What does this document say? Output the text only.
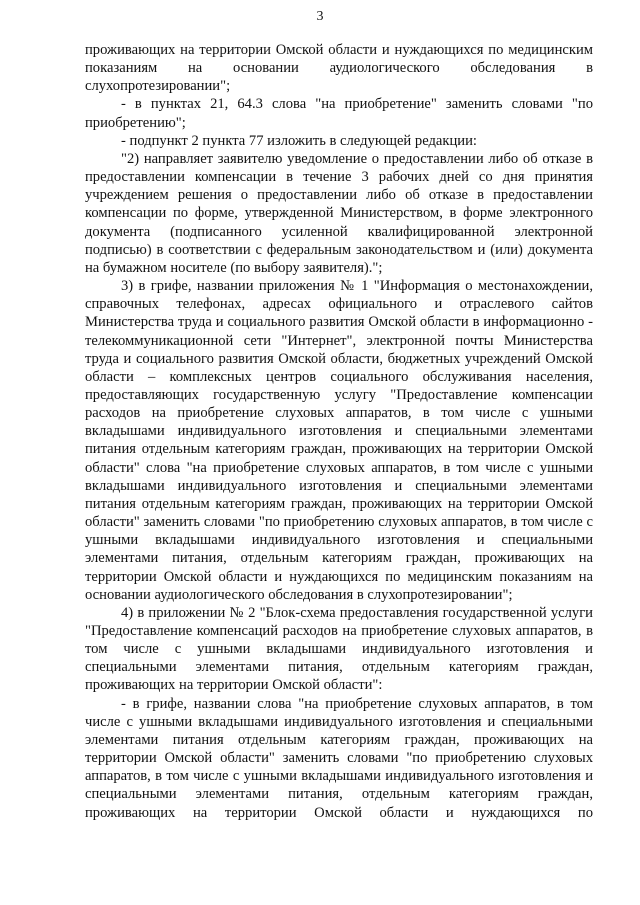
3

проживающих на территории Омской области и нуждающихся по медицинским показаниям на основании аудиологического обследования в слухопротезировании";

- в пунктах 21, 64.3 слова "на приобретение" заменить словами "по приобретению";

- подпункт 2 пункта 77 изложить в следующей редакции:

"2) направляет заявителю уведомление о предоставлении либо об отказе в предоставлении компенсации в течение 3 рабочих дней со дня принятия учреждением решения о предоставлении либо об отказе в предоставлении компенсации по форме, утвержденной Министерством, в форме электронного документа (подписанного усиленной квалифицированной электронной подписью) в соответствии с федеральным законодательством и (или) документа на бумажном носителе (по выбору заявителя).";

3) в грифе, названии приложения № 1 "Информация о местонахождении, справочных телефонах, адресах официального и отраслевого сайтов Министерства труда и социального развития Омской области в информационно - телекоммуникационной сети "Интернет", электронной почты Министерства труда и социального развития Омской области, бюджетных учреждений Омской области – комплексных центров социального обслуживания населения, предоставляющих государственную услугу "Предоставление компенсации расходов на приобретение слуховых аппаратов, в том числе с ушными вкладышами индивидуального изготовления и специальными элементами питания отдельным категориям граждан, проживающих на территории Омской области" слова "на приобретение слуховых аппаратов, в том числе с ушными вкладышами индивидуального изготовления и специальными элементами питания отдельным категориям граждан, проживающих на территории Омской области" заменить словами "по приобретению слуховых аппаратов, в том числе с ушными вкладышами индивидуального изготовления и специальными элементами питания, отдельным категориям граждан, проживающих на территории Омской области и нуждающихся по медицинским показаниям на основании аудиологического обследования в слухопротезировании";

4) в приложении № 2 "Блок-схема предоставления государственной услуги "Предоставление компенсаций расходов на приобретение слуховых аппаратов, в том числе с ушными вкладышами индивидуального изготовления и специальными элементами питания, отдельным категориям граждан, проживающих на территории Омской области":

- в грифе, названии слова "на приобретение слуховых аппаратов, в том числе с ушными вкладышами индивидуального изготовления и специальными элементами питания отдельным категориям граждан, проживающих на территории Омской области" заменить словами "по приобретению слуховых аппаратов, в том числе с ушными вкладышами индивидуального изготовления и специальными элементами питания, отдельным категориям граждан, проживающих на территории Омской области и нуждающихся по
